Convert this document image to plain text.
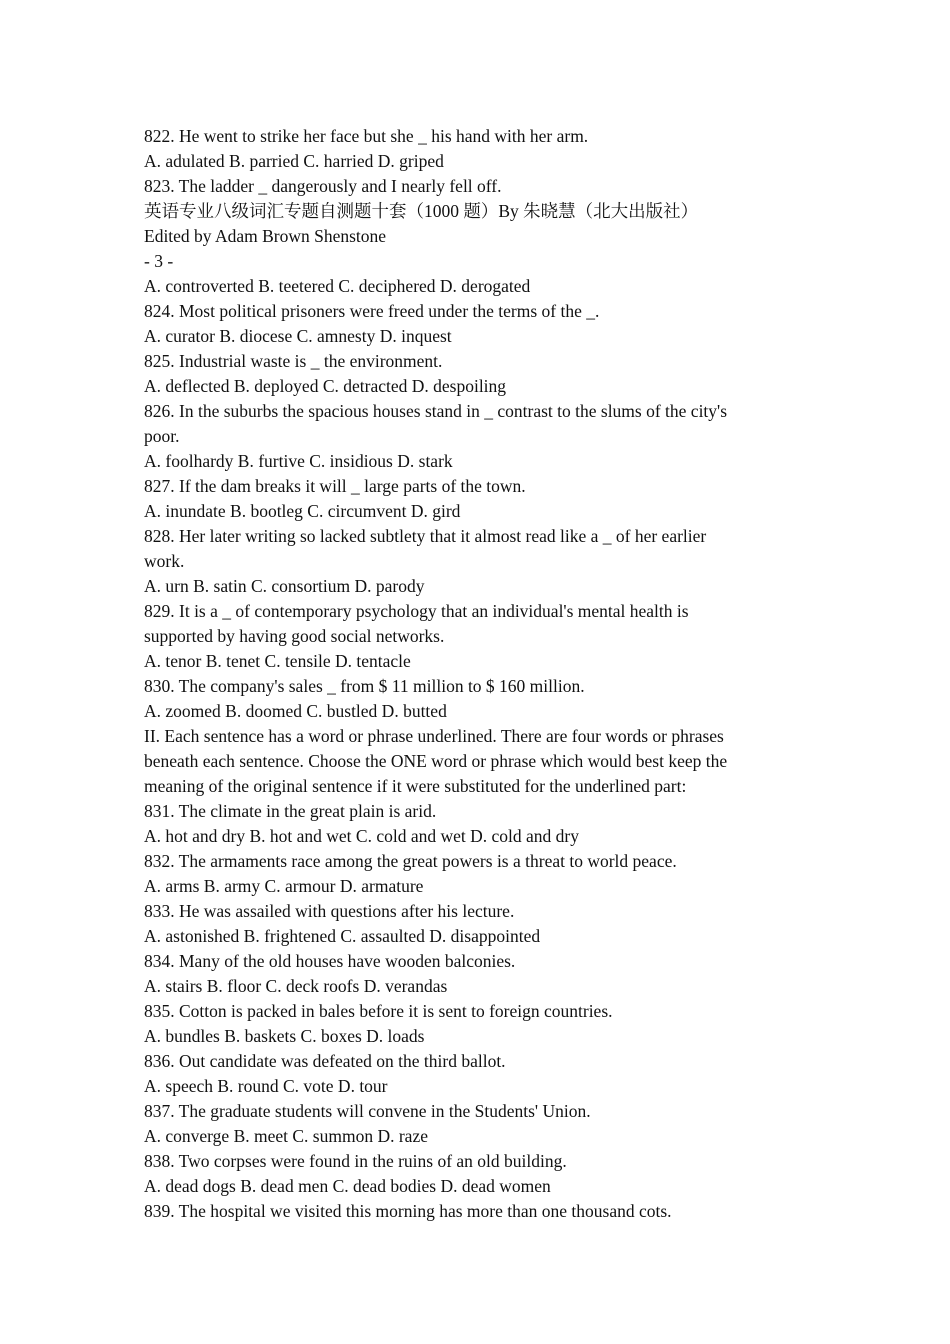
822. He went to strike her face but she _ his hand with her arm.

A. adulated B. parried C. harried D. griped

823. The ladder _ dangerously and I nearly fell off.

英语专业八级词汇专题自测题十套（1000 题）By 朱晓慧（北大出版社）

Edited by Adam Brown Shenstone

- 3 -

A. controverted B. teetered C. deciphered D. derogated

824. Most political prisoners were freed under the terms of the _.

A. curator B. diocese C. amnesty D. inquest

825. Industrial waste is _ the environment.

A. deflected B. deployed C. detracted D. despoiling

826. In the suburbs the spacious houses stand in _ contrast to the slums of the city's

poor.

A. foolhardy B. furtive C. insidious D. stark

827. If the dam breaks it will _ large parts of the town.

A. inundate B. bootleg C. circumvent D. gird

828. Her later writing so lacked subtlety that it almost read like a _ of her earlier

work.

A. urn B. satin C. consortium D. parody

829. It is a _ of contemporary psychology that an individual's mental health is

supported by having good social networks.

A. tenor B. tenet C. tensile D. tentacle

830. The company's sales _ from $ 11 million to $ 160 million.

A. zoomed B. doomed C. bustled D. butted

II. Each sentence has a word or phrase underlined. There are four words or phrases

beneath each sentence. Choose the ONE word or phrase which would best keep the

meaning of the original sentence if it were substituted for the underlined part:

831. The climate in the great plain is arid.

A. hot and dry B. hot and wet C. cold and wet D. cold and dry

832. The armaments race among the great powers is a threat to world peace.

A. arms B. army C. armour D. armature

833. He was assailed with questions after his lecture.

A. astonished B. frightened C. assaulted D. disappointed

834. Many of the old houses have wooden balconies.

A. stairs B. floor C. deck roofs D. verandas

835. Cotton is packed in bales before it is sent to foreign countries.

A. bundles B. baskets C. boxes D. loads

836. Out candidate was defeated on the third ballot.

A. speech B. round C. vote D. tour

837. The graduate students will convene in the Students' Union.

A. converge B. meet C. summon D. raze

838. Two corpses were found in the ruins of an old building.

A. dead dogs B. dead men C. dead bodies D. dead women

839. The hospital we visited this morning has more than one thousand cots.
